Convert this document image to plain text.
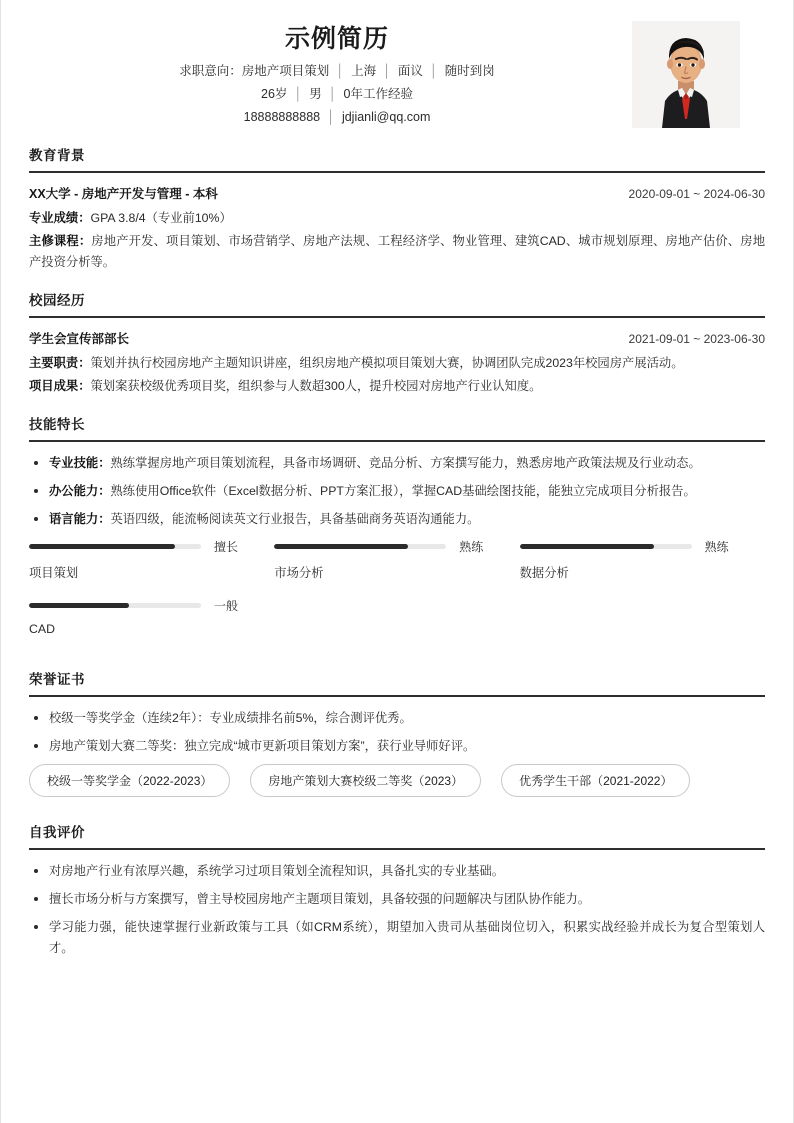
示例简历
求职意向：房地产项目策划 │ 上海 │ 面议 │ 随时到岗
26岁 │ 男 │ 0年工作经验
18888888888 │ jdjianli@qq.com
教育背景
XX大学 - 房地产开发与管理 - 本科	2020-09-01 ~ 2024-06-30
专业成绩：GPA 3.8/4（专业前10%）
主修课程：房地产开发、项目策划、市场营销学、房地产法规、工程经济学、物业管理、建筑CAD、城市规划原理、房地产估价、房地产投资分析等。
校园经历
学生会宣传部部长	2021-09-01 ~ 2023-06-30
主要职责：策划并执行校园房地产主题知识讲座，组织房地产模拟项目策划大赛，协调团队完成2023年校园房产展活动。
项目成果：策划案获校级优秀项目奖，组织参与人数超300人，提升校园对房地产行业认知度。
技能特长
专业技能：熟练掌握房地产项目策划流程，具备市场调研、竞品分析、方案撰写能力，熟悉房地产政策法规及行业动态。
办公能力：熟练使用Office软件（Excel数据分析、PPT方案汇报），掌握CAD基础绘图技能，能独立完成项目分析报告。
语言能力：英语四级，能流畅阅读英文行业报告，具备基础商务英语沟通能力。
擅长
项目策划
熟练
市场分析
熟练
数据分析
一般
CAD
荣誉证书
校级一等奖学金（连续2年）：专业成绩排名前5%，综合测评优秀。
房地产策划大赛二等奖：独立完成“城市更新项目策划方案”，获行业导师好评。
校级一等奖学金（2022-2023）	房地产策划大赛校级二等奖（2023）	优秀学生干部（2021-2022）
自我评价
对房地产行业有浓厚兴趣，系统学习过项目策划全流程知识，具备扎实的专业基础。
擅长市场分析与方案撰写，曾主导校园房地产主题项目策划，具备较强的问题解决与团队协作能力。
学习能力强，能快速掌握行业新政策与工具（如CRM系统），期望加入贵司从基础岗位切入，积累实战经验并成长为复合型策划人才。
